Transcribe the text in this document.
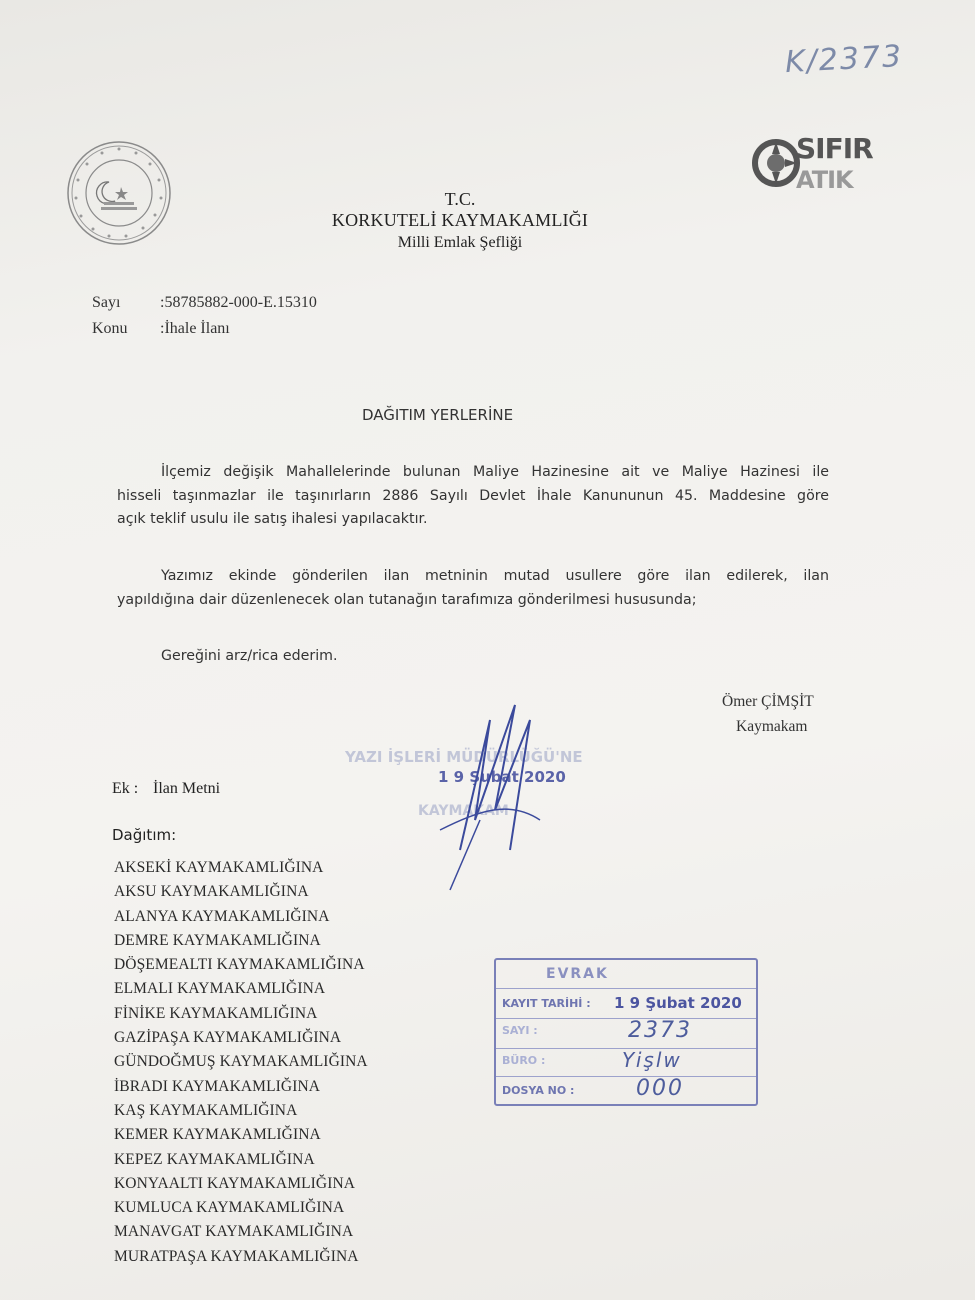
K/2373
SIFIR
ATIK
T.C.
KORKUTELİ KAYMAKAMLIĞI
Milli Emlak Şefliği
Sayı :58785882-000-E.15310
Konu :İhale İlanı
DAĞITIM YERLERİNE
İlçemiz değişik Mahallelerinde bulunan Maliye Hazinesine ait ve Maliye Hazinesi ile
hisseli taşınmazlar ile taşınırların 2886 Sayılı Devlet İhale Kanununun 45. Maddesine göre
açık teklif usulu ile satış ihalesi yapılacaktır.
Yazımız ekinde gönderilen ilan metninin mutad usullere göre ilan edilerek, ilan
yapıldığına dair düzenlenecek olan tutanağın tarafımıza gönderilmesi hususunda;
Gereğini arz/rica ederim.
Ömer ÇİMŞİT
Kaymakam
YAZI İŞLERİ MÜDÜRLÜĞÜ'NE
1 9 Şubat 2020
KAYMAKAM
Ek : İlan Metni
Dağıtım:
AKSEKİ KAYMAKAMLIĞINA
AKSU KAYMAKAMLIĞINA
ALANYA KAYMAKAMLIĞINA
DEMRE KAYMAKAMLIĞINA
DÖŞEMEALTI KAYMAKAMLIĞINA
ELMALI KAYMAKAMLIĞINA
FİNİKE KAYMAKAMLIĞINA
GAZİPAŞA KAYMAKAMLIĞINA
GÜNDOĞMUŞ KAYMAKAMLIĞINA
İBRADI KAYMAKAMLIĞINA
KAŞ KAYMAKAMLIĞINA
KEMER KAYMAKAMLIĞINA
KEPEZ KAYMAKAMLIĞINA
KONYAALTI KAYMAKAMLIĞINA
KUMLUCA KAYMAKAMLIĞINA
MANAVGAT KAYMAKAMLIĞINA
MURATPAŞA KAYMAKAMLIĞINA
EVRAK
KAYIT TARİHİ : 1 9 Şubat 2020
SAYI :	2373
BÜRO :	Yişlw
DOSYA NO :	000
